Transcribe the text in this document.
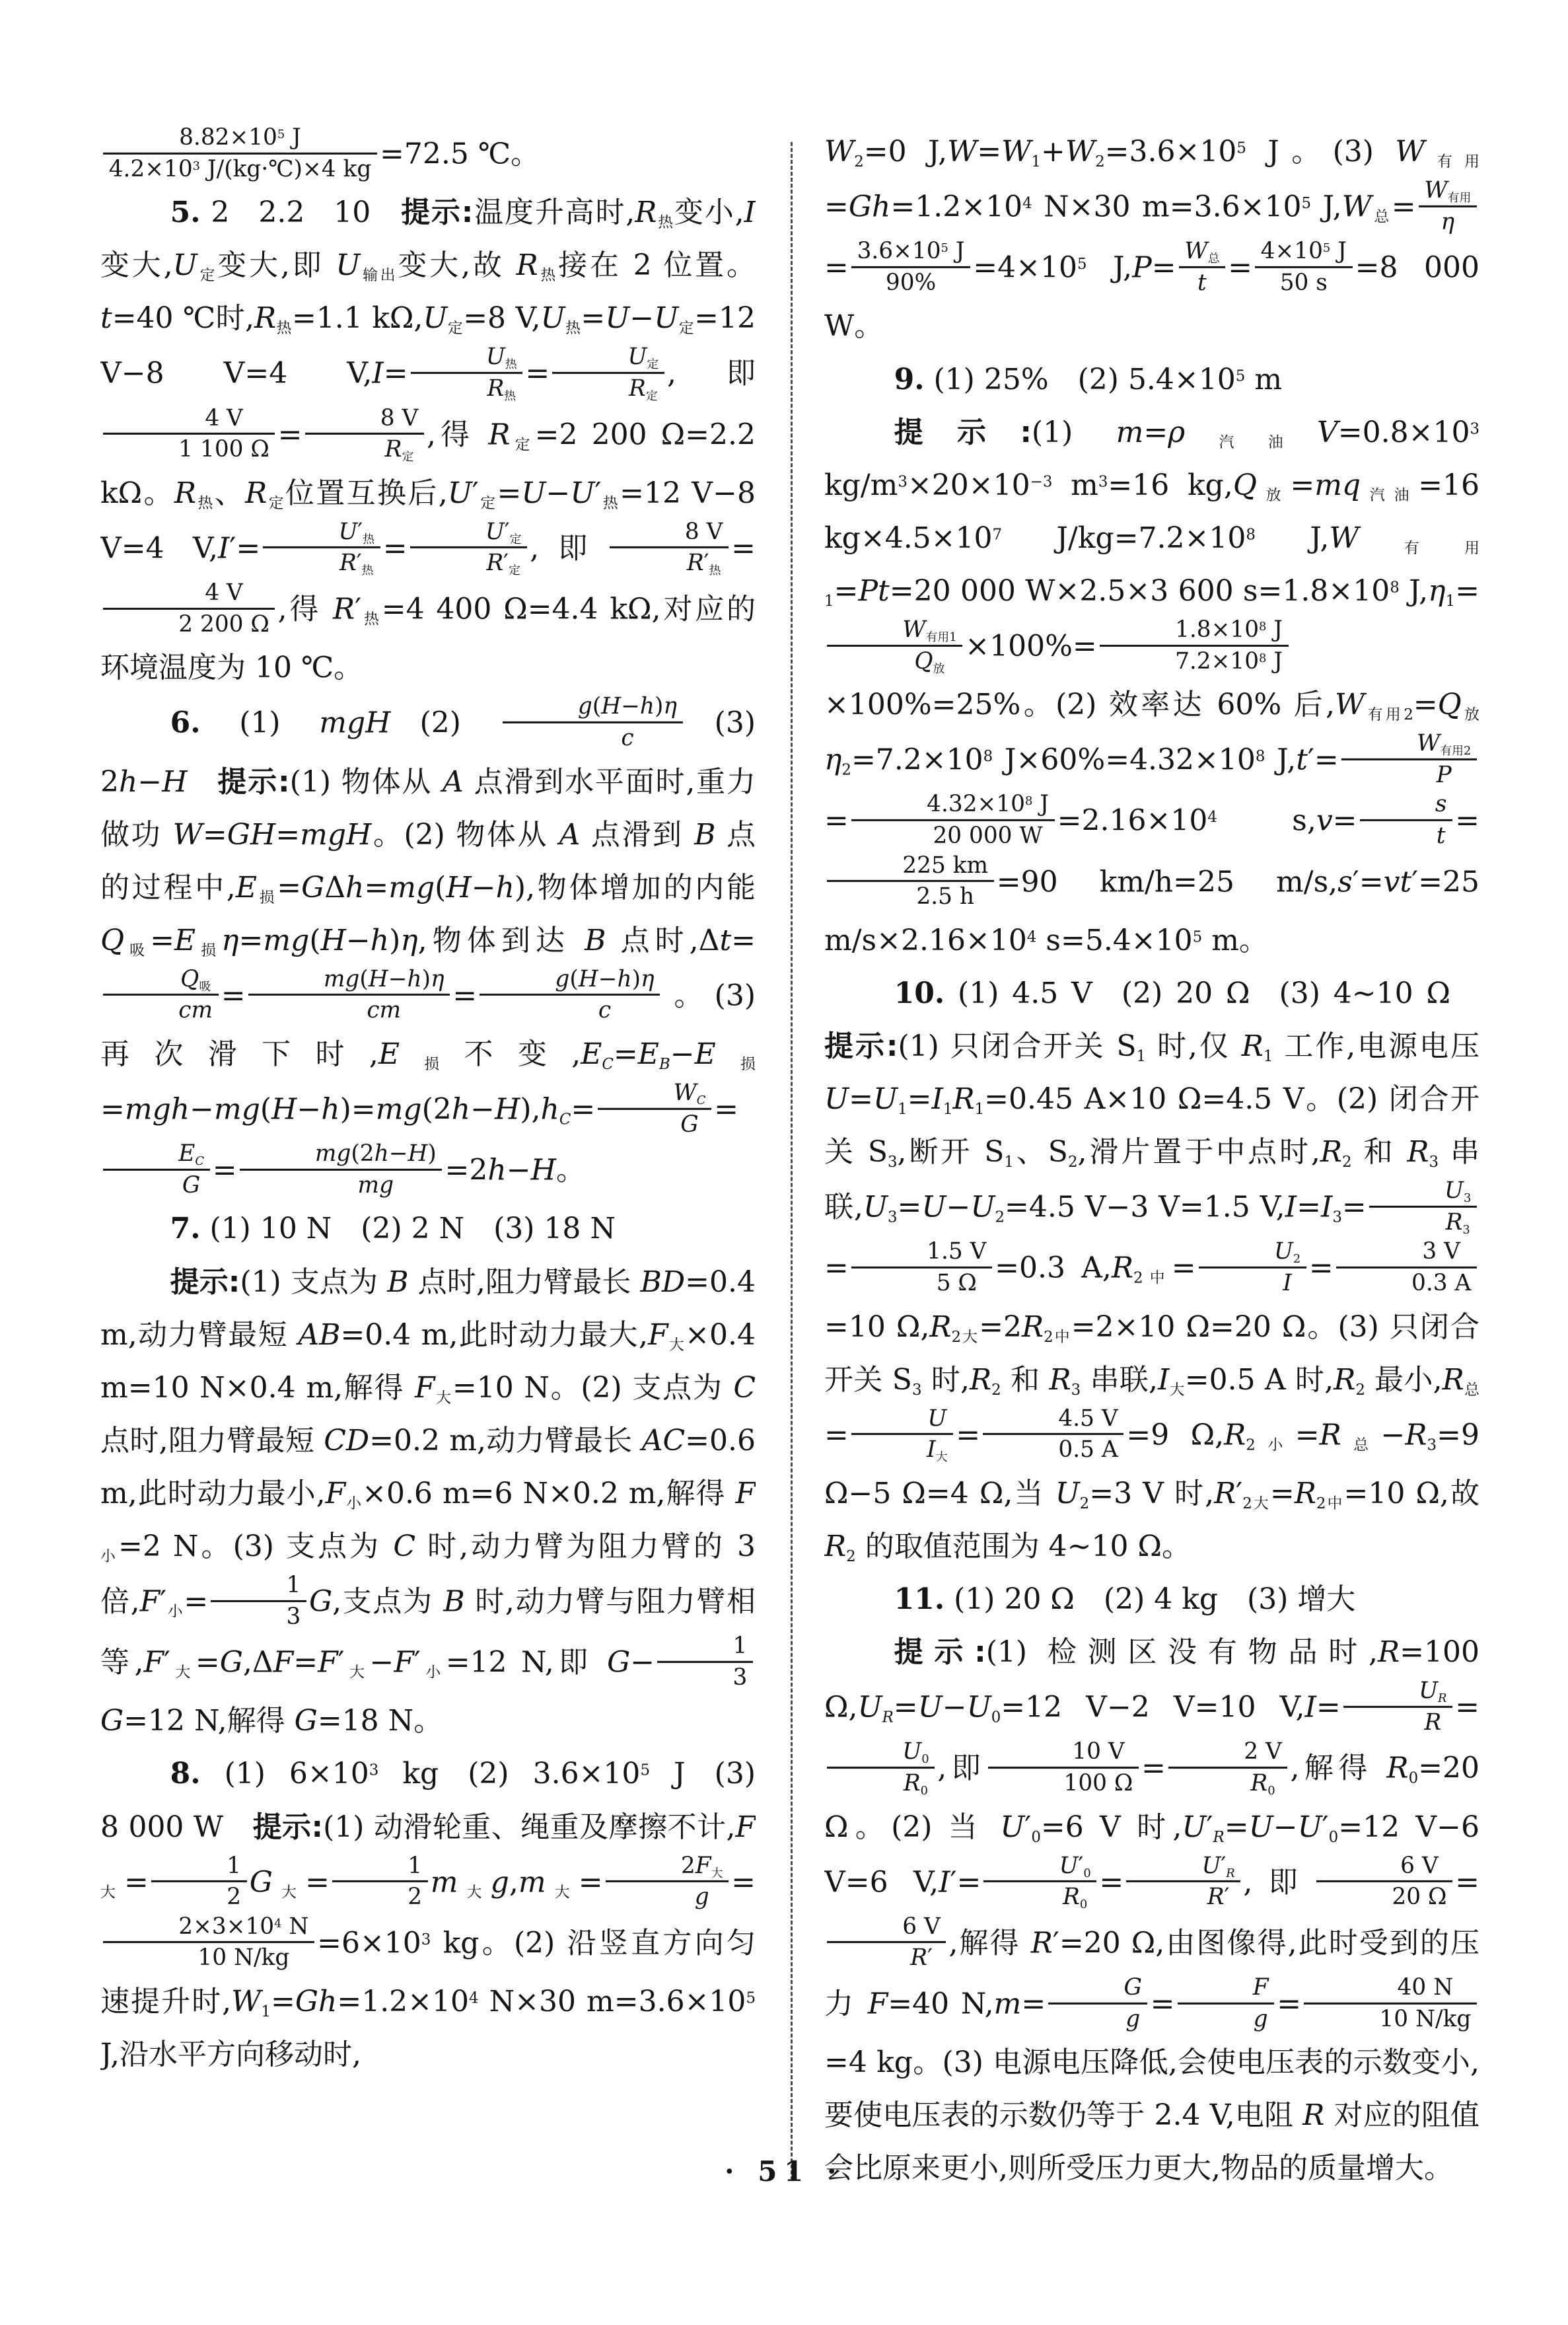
$\frac{8.82\times 10^5 J}{4.2\times 10^3 J/(kg\cdot℃)\times 4 kg} =72.5$ ℃。

5. 2 2.2 10 提示:温度升高时$,R_热$变小,I 变大$,U_定$变大,即 $U_{输出}$变大,故 $R_热$接在 2 位置。t=40 ℃时$,R_热=1.1$ $k\Omega,U_定=8$ $V,U_热=U-U_定=12$ V−8 V=4 $V,I= \frac{U_热}{R_热} = \frac{U_定}{R_定}$ ,即
$\frac{4 V}{1 100 \Omega} = \frac{8 V}{R_定}$ ,得 $R_定=2$ 200 Ω=2.2 kΩ。$R_热$、$R_定$位置互换后$,U'_定=U-U'_热=12$ V−8 V=4 $V,I'= \frac{U'_热}{R'_热} = \frac{U'_定}{R'_定}$ ,即 $\frac{8 V}{R'_热}$ =
$\frac{4 V}{2 200 \Omega}$ ,得 $R'_热=4$ 400 Ω=4.4 kΩ,对应的环境温度为 10 ℃。

6. (1) mgH $(2) \frac{g(H-h)\eta}{c}$  (3) 2h−H  提示:(1) 物体从 A 点滑到水平面时,重力做功 W=GH=mgH。(2) 物体从 A 点滑到 B 点的过程中$,E_损=G\Delta h=mg(H-h)$,物体增加的内能 $Q_吸=E_损\eta=mg(H-h)\eta$,物体到达 B 点时,Δt=
$\frac{Q_吸}{cm} = \frac{mg(H-h)\eta}{cm} = \frac{g(H-h)\eta}{c}$ 。(3) 再次滑下时$,E_损$不变$,E_C=E_B-E_损=mgh-mg(H-h)=mg(2h-H),h_C= \frac{W_C}{G}$ =
$\frac{E_C}{G} = \frac{mg(2h-H)}{mg} =2h-H$。

7. (1) 10 N (2) 2 N (3) 18 N

提示:(1) 支点为 B 点时,阻力臂最长 BD=0.4 m,动力臂最短 AB=0.4 m,此时动力最大$,F_大\times 0.4$ m=10 N×0.4 m,解得 $F_大=10$ N。(2) 支点为 C 点时,阻力臂最短 CD=0.2 m,动力臂最长 AC=0.6 m,此时动力最小$,F_小\times 0.6$ m=6 N×0.2 m,解得 $F_小=2$ N。(3) 支点为 C 时,动力臂为阻力臂的 3 倍$,F'_小= \frac{1}{3} G$,支点为 B 时,动力臂与阻力臂相等$,F'_大=G,\Delta F=F'_大-F'_小=12$ N,即 $G- \frac{1}{3}$
G=12 N,解得 G=18 N。

8. (1) $6\times 10^3$ kg (2) $3.6\times 10^5$ J (3) 8 000 W 提示:(1) 动滑轮重、绳重及摩擦不计$,F_大= \frac{1}{2} G_大= \frac{1}{2} m_大g,m_大= \frac{2F_大}{g}$ =
$\frac{2\times 3\times 10^4 N}{10 N/kg} =6\times 10^3$ kg。(2) 沿竖直方向匀速提升时$,W_1=Gh=1.2\times 10^4$ N×30 $m=3.6\times 10^5$ J,沿水平方向移动时,

$W_2=0$ $J,W=W_1+W_2=3.6\times 10^5$ J。(3) $W_{有用}=Gh=1.2\times 10^4$ N×30 $m=3.6\times 10^5$ $J,W_总= \frac{W_{有用}}{\eta}$
= $\frac{3.6\times 10^5 J}{90\%} =4\times 10^5$ $J,P= \frac{W_总}{t} = \frac{4\times 10^5 J}{50 s} =8$ 000 W。

9. (1) 25% (2) $5.4\times 10^5$ m

提示:(1) $m=\rho_{汽油}V=0.8\times 10^3$ $kg/m^3\times 20\times 10^{-3}$ $m^3=16$ $kg,Q_放=mq_{汽油}=16$ $kg\times 4.5\times 10^7$ $J/kg=7.2\times 10^8$ $J,W_{有用1}=Pt=20$ 000 W×2.5×3 600 $s=1.8\times 10^8$ $J,\eta_1=$
$\frac{W_{有用1}}{Q_放} \times 100\%= \frac{1.8\times 10^8 J}{7.2\times 10^8 J}$
×100%=25%。(2) 效率达 60% 后$,W_{有用2}=Q_放\eta_2=7.2\times 10^8$ $J\times 60\%=4.32\times 10^8$ $J,t'= \frac{W_{有用2}}{P}$
= $\frac{4.32\times 10^8 J}{20 000 W} =2.16\times 10^4$ $s,v= \frac{s}{t}$ =
$\frac{225 km}{2.5 h} =90$ km/h=25 m/s,s′=vt′=25 $m/s\times 2.16\times 10^4$ $s=5.4\times 10^5$ m。

10. (1) 4.5 V (2) 20 Ω (3) 4~10 Ω 提示:(1) 只闭合开关 $S_1$ 时,仅 $R_1$ 工作,电源电压 $U=U_1=I_1R_1=0.45$ A×10 Ω=4.5 V。(2) 闭合开关 $S_3$,断开 $S_1$、$S_2$,滑片置于中点时$,R_2$ 和 $R_3$ 串联$,U_3=U-U_2=4.5$ V−3 V=1.5 $V,I=I_3= \frac{U_3}{R_3}$
= $\frac{1.5 V}{5 \Omega} =0.3$ $A,R_{2中}= \frac{U_2}{I} = \frac{3 V}{0.3 A}$
=10 $\Omega,R_{2大}=2R_{2中}=2\times 10$ Ω=20 Ω。(3) 只闭合开关 $S_3$ 时$,R_2$ 和 $R_3$ 串联$,I_大=0.5$ A 时$,R_2$ 最小$,R_总= \frac{U}{I_大} = \frac{4.5 V}{0.5 A} =9$ $\Omega,R_{2小}=R_总-R_3=9$ Ω−5 Ω=4 Ω,当 $U_2=3$ V 时$,R'_{2大}=R_{2中}=10$ Ω,故 $R_2$ 的取值范围为 4~10 Ω。

11. (1) 20 Ω (2) 4 kg (3) 增大

提示:(1) 检测区没有物品时,R=100 $\Omega,U_R=U-U_0=12$ V−2 V=10 $V,I= \frac{U_R}{R}$ =
$\frac{U_0}{R_0}$ ,即 $\frac{10 V}{100 \Omega} = \frac{2 V}{R_0}$ ,解得 $R_0=20$ Ω。(2) 当 $U'_0=6$ V 时$,U'_R=U-U'_0=12$ V−6 V=6 $V,I'= \frac{U'_0}{R_0} = \frac{U'_R}{R'}$ ,即 $\frac{6 V}{20 \Omega}$ =
$\frac{6 V}{R'}$ ,解得 R′=20 Ω,由图像得,此时受到的压力 F=40 $N,m= \frac{G}{g} = \frac{F}{g} = \frac{40 N}{10 N/kg}$
=4 kg。(3) 电源电压降低,会使电压表的示数变小,要使电压表的示数仍等于 2.4 V,电阻 R 对应的阻值会比原来更小,则所受压力更大,物品的质量增大。

· 51 ·
